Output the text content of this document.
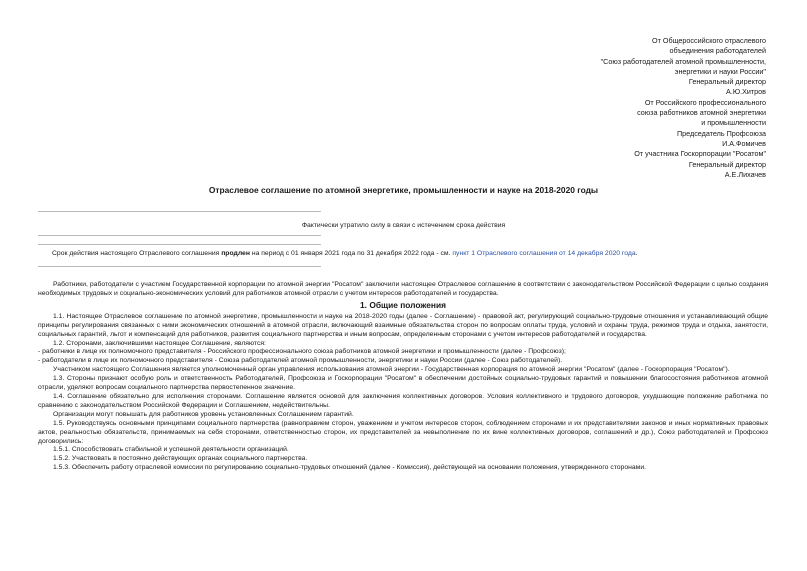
От Общероссийского отраслевого
объединения работодателей
"Союз работодателей атомной промышленности,
энергетики и науки России"
Генеральный директор
А.Ю.Хитров
От Российского профессионального
союза работников атомной энергетики
и промышленности
Председатель Профсоюза
И.А.Фомичев
От участника Госкорпорации "Росатом"
Генеральный директор
А.Е.Лихачев
Отраслевое соглашение по атомной энергетике, промышленности и науке на 2018-2020 годы
Фактически утратило силу в связи с истечением срока действия
Срок действия настоящего Отраслевого соглашения продлен на период с 01 января 2021 года по 31 декабря 2022 года - см. пункт 1 Отраслевого соглашения от 14 декабря 2020 года.

Работники, работодатели с участием Государственной корпорации по атомной энергии "Росатом" заключили настоящее Отраслевое соглашение в соответствии с законодательством Российской Федерации с целью создания необходимых трудовых и социально-экономических условий для работников атомной отрасли с учетом интересов работодателей и государства.

1. Общие положения

1.1. Настоящее Отраслевое соглашение по атомной энергетике, промышленности и науке на 2018-2020 годы (далее - Соглашение) - правовой акт, регулирующий социально-трудовые отношения и устанавливающий общие принципы регулирования связанных с ними экономических отношений в атомной отрасли, включающий взаимные обязательства сторон по вопросам оплаты труда, условий и охраны труда, режимов труда и отдыха, занятости, социальных гарантий, льгот и компенсаций для работников, развития социального партнерства и иным вопросам, определенным сторонами с учетом интересов работодателей и государства.

1.2. Сторонами, заключившими настоящее Соглашение, являются:

- работники в лице их полномочного представителя - Российского профессионального союза работников атомной энергетики и промышленности (далее - Профсоюз);

- работодатели в лице их полномочного представителя - Союза работодателей атомной промышленности, энергетики и науки России (далее - Союз работодателей).

Участником настоящего Соглашения является уполномоченный орган управления использования атомной энергии - Государственная корпорация по атомной энергии "Росатом" (далее - Госкорпорация "Росатом").

1.3. Стороны признают особую роль и ответственность Работодателей, Профсоюза и Госкорпорации "Росатом" в обеспечении достойных социально-трудовых гарантий и повышении благосостояния работников атомной отрасли, уделяют вопросам социального партнерства первостепенное значение.

1.4. Соглашение обязательно для исполнения сторонами. Соглашение является основой для заключения коллективных договоров. Условия коллективного и трудового договоров, ухудшающие положение работника по сравнению с законодательством Российской Федерации и Соглашением, недействительны.

Организации могут повышать для работников уровень установленных Соглашением гарантий.

1.5. Руководствуясь основными принципами социального партнерства (равноправием сторон, уважением и учетом интересов сторон, соблюдением сторонами и их представителями законов и иных нормативных правовых актов, реальностью обязательств, принимаемых на себя сторонами, ответственностью сторон, их представителей за невыполнение по их вине коллективных договоров, соглашений и др.), Союз работодателей и Профсоюз договорились:

1.5.1. Способствовать стабильной и успешной деятельности организаций.

1.5.2. Участвовать в постоянно действующих органах социального партнерства.

1.5.3. Обеспечить работу отраслевой комиссии по регулированию социально-трудовых отношений (далее - Комиссия), действующей на основании положения, утвержденного сторонами.
